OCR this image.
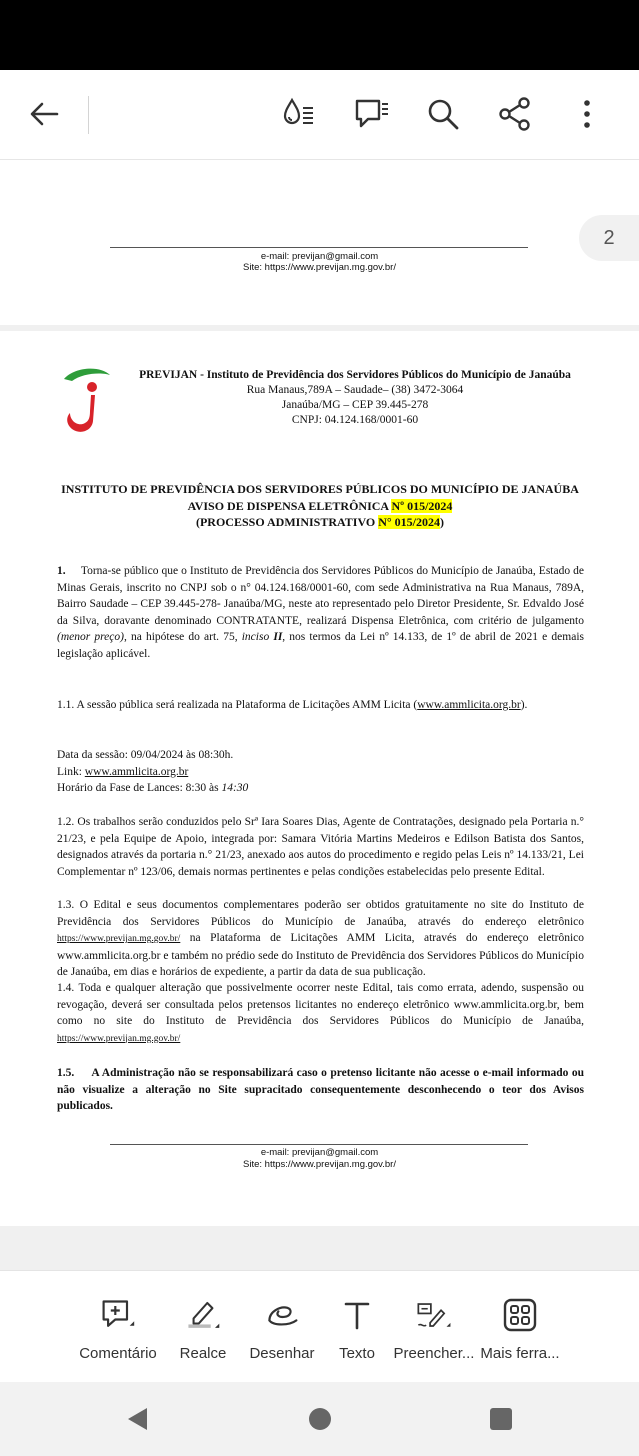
e-mail: previjan@gmail.com
Site: https://www.previjan.mg.gov.br/
2
PREVIJAN - Instituto de Previdência dos Servidores Públicos do Município de Janaúba
Rua Manaus,789A – Saudade– (38) 3472-3064
Janaúba/MG – CEP 39.445-278
CNPJ: 04.124.168/0001-60
INSTITUTO DE PREVIDÊNCIA DOS SERVIDORES PÚBLICOS DO MUNICÍPIO DE JANAÚBA
AVISO DE DISPENSA ELETRÔNICA Nº 015/2024
(PROCESSO ADMINISTRATIVO N° 015/2024)
1. Torna-se público que o Instituto de Previdência dos Servidores Públicos do Município de Janaúba, Estado de Minas Gerais, inscrito no CNPJ sob o n° 04.124.168/0001-60, com sede Administrativa na Rua Manaus, 789A, Bairro Saudade – CEP 39.445-278- Janaúba/MG, neste ato representado pelo Diretor Presidente, Sr. Edvaldo José da Silva, doravante denominado CONTRATANTE, realizará Dispensa Eletrônica, com critério de julgamento (menor preço), na hipótese do art. 75, inciso II, nos termos da Lei nº 14.133, de 1º de abril de 2021 e demais legislação aplicável.
1.1. A sessão pública será realizada na Plataforma de Licitações AMM Licita (www.ammlicita.org.br).
Data da sessão: 09/04/2024 às 08:30h.
Link: www.ammlicita.org.br
Horário da Fase de Lances: 8:30 às 14:30
1.2. Os trabalhos serão conduzidos pelo Srª Iara Soares Dias, Agente de Contratações, designado pela Portaria n.° 21/23, e pela Equipe de Apoio, integrada por: Samara Vitória Martins Medeiros e Edilson Batista dos Santos, designados através da portaria n.° 21/23, anexado aos autos do procedimento e regido pelas Leis nº 14.133/21, Lei Complementar nº 123/06, demais normas pertinentes e pelas condições estabelecidas pelo presente Edital.
1.3. O Edital e seus documentos complementares poderão ser obtidos gratuitamente no site do Instituto de Previdência dos Servidores Públicos do Município de Janaúba, através do endereço eletrônico https://www.previjan.mg.gov.br/ na Plataforma de Licitações AMM Licita, através do endereço eletrônico www.ammlicita.org.br e também no prédio sede do Instituto de Previdência dos Servidores Públicos do Município de Janaúba, em dias e horários de expediente, a partir da data de sua publicação.
1.4. Toda e qualquer alteração que possivelmente ocorrer neste Edital, tais como errata, adendo, suspensão ou revogação, deverá ser consultada pelos pretensos licitantes no endereço eletrônico www.ammlicita.org.br, bem como no site do Instituto de Previdência dos Servidores Públicos do Município de Janaúba, https://www.previjan.mg.gov.br/
1.5. A Administração não se responsabilizará caso o pretenso licitante não acesse o e-mail informado ou não visualize a alteração no Site supracitado consequentemente desconhecendo o teor dos Avisos publicados.
e-mail: previjan@gmail.com
Site: https://www.previjan.mg.gov.br/
Comentário Realce Desenhar Texto Preencher... Mais ferra...
